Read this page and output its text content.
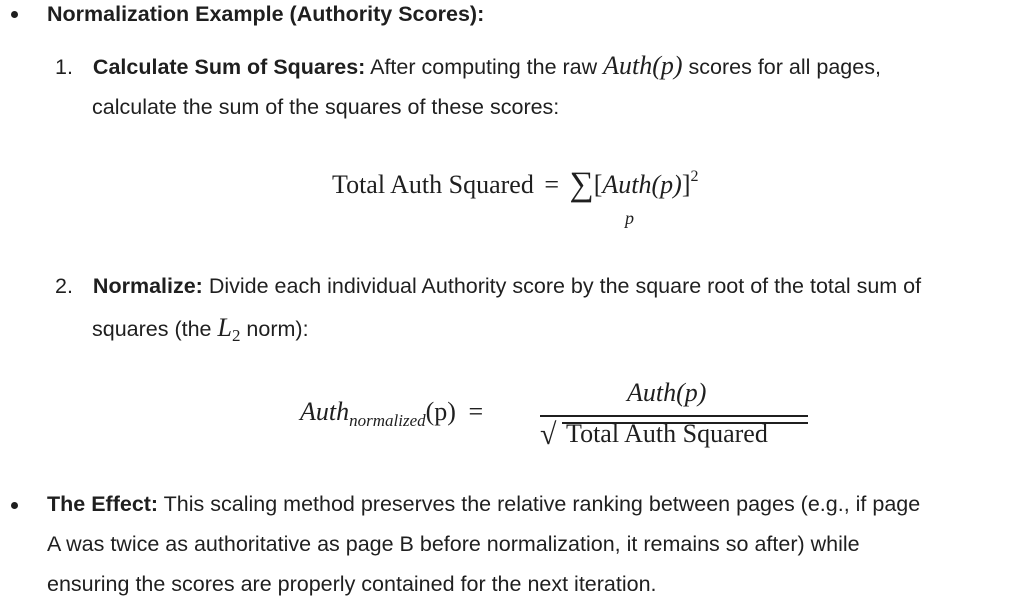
Normalization Example (Authority Scores):
1. Calculate Sum of Squares: After computing the raw Auth(p) scores for all pages,
calculate the sum of the squares of these scores:
Total Auth Squared = ∑[Auth(p)]$^2$
p
2. Normalize: Divide each individual Authority score by the square root of the total sum of
squares (the $L_2$ norm):
Auth$_{normalized}$(p) =
Auth(p)
√ Total Auth Squared
The Effect: This scaling method preserves the relative ranking between pages (e.g., if page
A was twice as authoritative as page B before normalization, it remains so after) while
ensuring the scores are properly contained for the next iteration.
